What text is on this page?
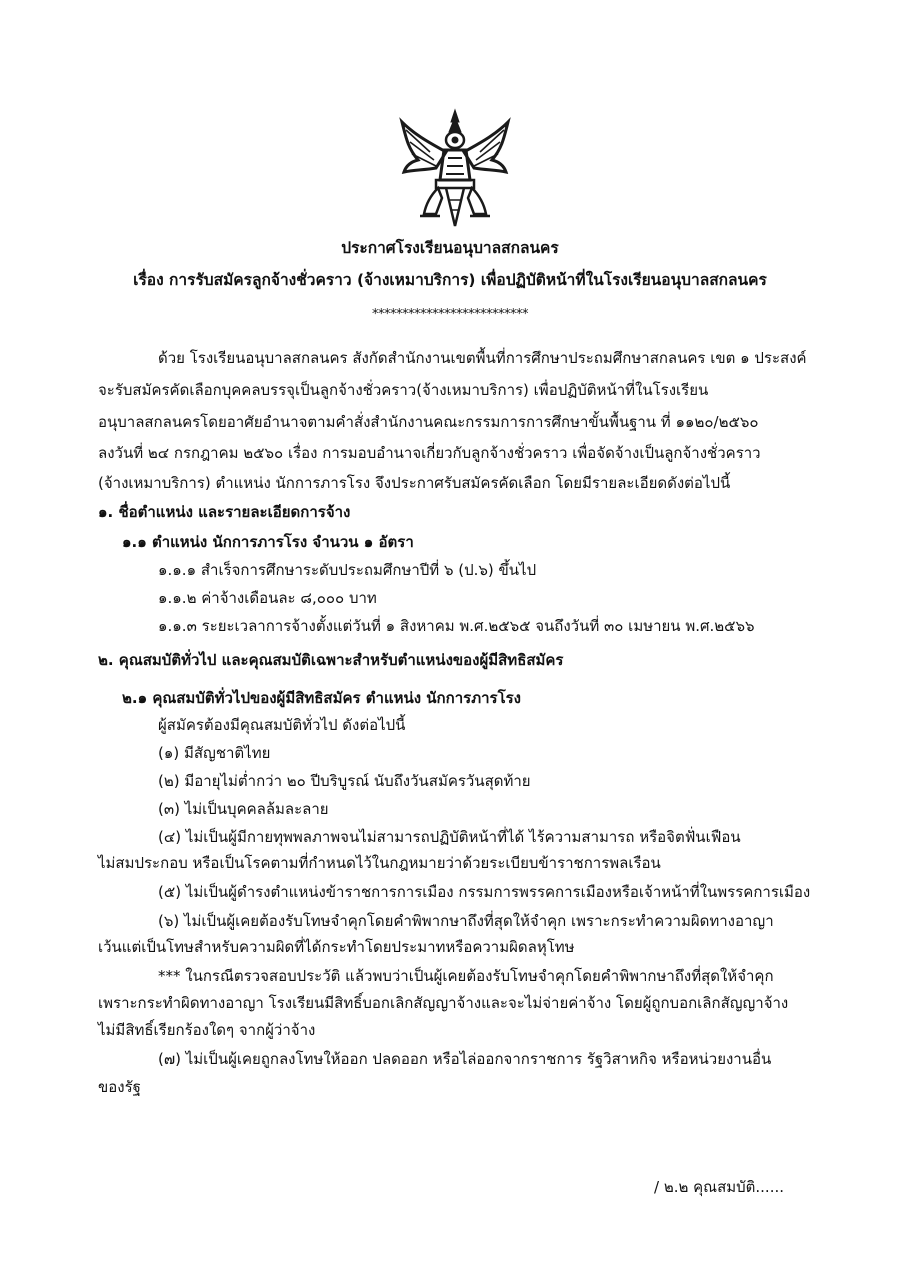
ประกาศโรงเรียนอนุบาลสกลนคร
เรื่อง การรับสมัครลูกจ้างชั่วคราว (จ้างเหมาบริการ) เพื่อปฏิบัติหน้าที่ในโรงเรียนอนุบาลสกลนคร
**************************
ด้วย โรงเรียนอนุบาลสกลนคร สังกัดสำนักงานเขตพื้นที่การศึกษาประถมศึกษาสกลนคร เขต ๑ ประสงค์
จะรับสมัครคัดเลือกบุคคลบรรจุเป็นลูกจ้างชั่วคราว(จ้างเหมาบริการ) เพื่อปฏิบัติหน้าที่ในโรงเรียน
อนุบาลสกลนครโดยอาศัยอำนาจตามคำสั่งสำนักงานคณะกรรมการการศึกษาขั้นพื้นฐาน ที่ ๑๑๒๐/๒๕๖๐
ลงวันที่ ๒๔ กรกฎาคม ๒๕๖๐ เรื่อง การมอบอำนาจเกี่ยวกับลูกจ้างชั่วคราว เพื่อจัดจ้างเป็นลูกจ้างชั่วคราว
(จ้างเหมาบริการ) ตำแหน่ง นักการภารโรง จึงประกาศรับสมัครคัดเลือก โดยมีรายละเอียดดังต่อไปนี้
๑. ชื่อตำแหน่ง และรายละเอียดการจ้าง
๑.๑ ตำแหน่ง นักการภารโรง จำนวน ๑ อัตรา
๑.๑.๑ สำเร็จการศึกษาระดับประถมศึกษาปีที่ ๖ (ป.๖) ขึ้นไป
๑.๑.๒ ค่าจ้างเดือนละ ๘,๐๐๐ บาท
๑.๑.๓ ระยะเวลาการจ้างตั้งแต่วันที่ ๑ สิงหาคม พ.ศ.๒๕๖๕ จนถึงวันที่ ๓๐ เมษายน พ.ศ.๒๕๖๖
๒. คุณสมบัติทั่วไป และคุณสมบัติเฉพาะสำหรับตำแหน่งของผู้มีสิทธิสมัคร
๒.๑ คุณสมบัติทั่วไปของผู้มีสิทธิสมัคร ตำแหน่ง นักการภารโรง
ผู้สมัครต้องมีคุณสมบัติทั่วไป ดังต่อไปนี้
(๑) มีสัญชาติไทย
(๒) มีอายุไม่ต่ำกว่า ๒๐ ปีบริบูรณ์ นับถึงวันสมัครวันสุดท้าย
(๓) ไม่เป็นบุคคลล้มละลาย
(๔) ไม่เป็นผู้มีกายทุพพลภาพจนไม่สามารถปฏิบัติหน้าที่ได้ ไร้ความสามารถ หรือจิตฟั่นเฟือน
ไม่สมประกอบ หรือเป็นโรคตามที่กำหนดไว้ในกฎหมายว่าด้วยระเบียบข้าราชการพลเรือน
(๕) ไม่เป็นผู้ดำรงตำแหน่งข้าราชการการเมือง กรรมการพรรคการเมืองหรือเจ้าหน้าที่ในพรรคการเมือง
(๖) ไม่เป็นผู้เคยต้องรับโทษจำคุกโดยคำพิพากษาถึงที่สุดให้จำคุก เพราะกระทำความผิดทางอาญา
เว้นแต่เป็นโทษสำหรับความผิดที่ได้กระทำโดยประมาทหรือความผิดลหุโทษ
*** ในกรณีตรวจสอบประวัติ แล้วพบว่าเป็นผู้เคยต้องรับโทษจำคุกโดยคำพิพากษาถึงที่สุดให้จำคุก
เพราะกระทำผิดทางอาญา โรงเรียนมีสิทธิ์บอกเลิกสัญญาจ้างและจะไม่จ่ายค่าจ้าง โดยผู้ถูกบอกเลิกสัญญาจ้าง
ไม่มีสิทธิ์เรียกร้องใดๆ จากผู้ว่าจ้าง
(๗) ไม่เป็นผู้เคยถูกลงโทษให้ออก ปลดออก หรือไล่ออกจากราชการ รัฐวิสาหกิจ หรือหน่วยงานอื่น
ของรัฐ
/ ๒.๒ คุณสมบัติ......
